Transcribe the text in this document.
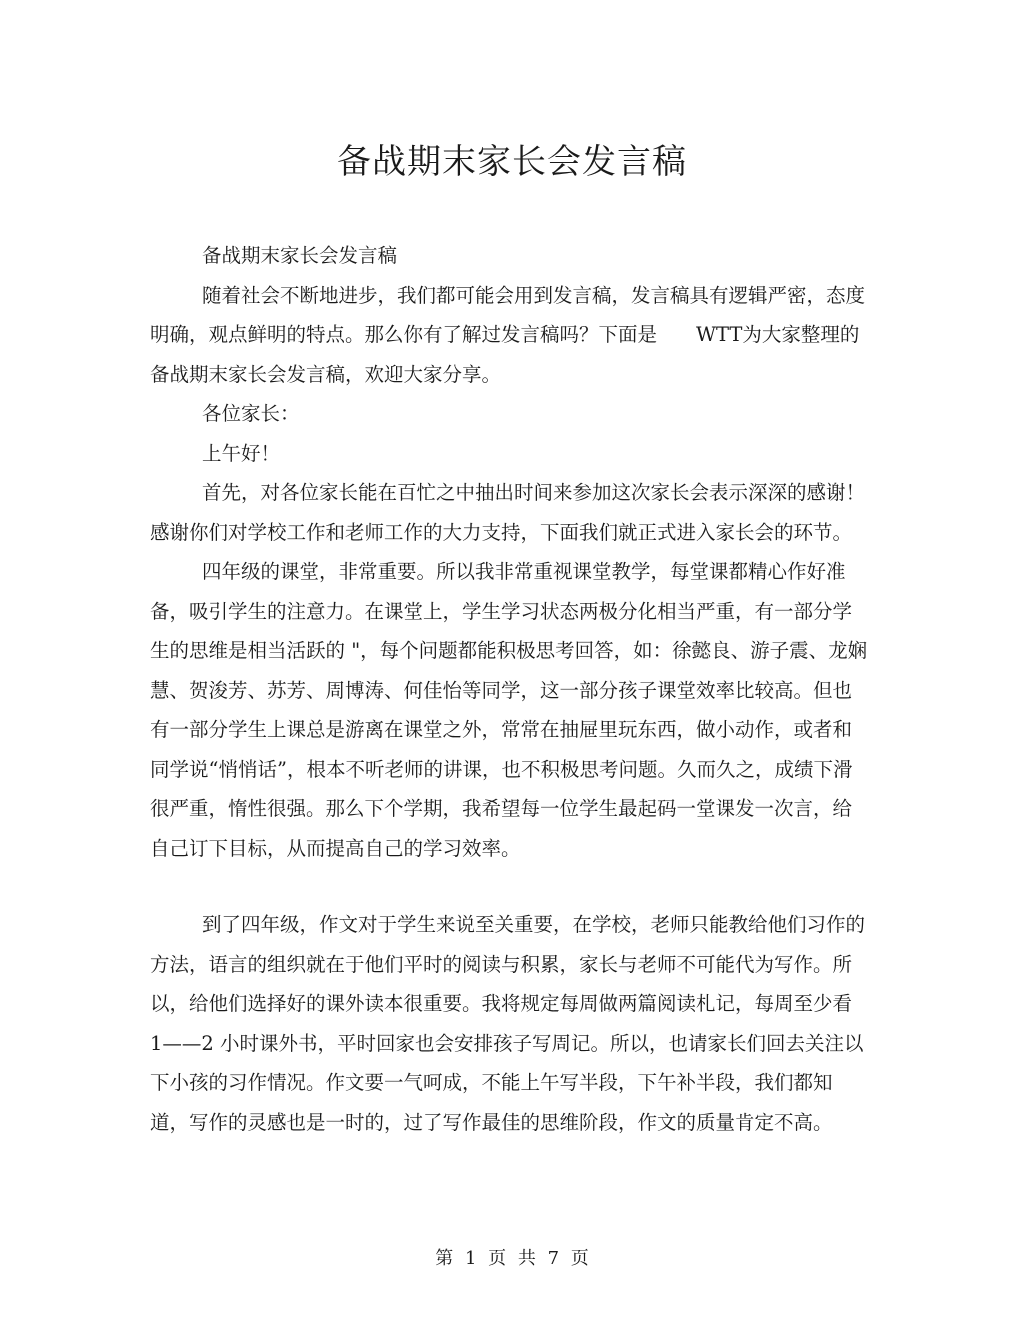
备战期末家长会发言稿

备战期末家长会发言稿

随着社会不断地进步，我们都可能会用到发言稿，发言稿具有逻辑严密，态度明确，观点鲜明的特点。那么你有了解过发言稿吗？下面是　　WTT为大家整理的备战期末家长会发言稿，欢迎大家分享。

各位家长：

上午好！

首先，对各位家长能在百忙之中抽出时间来参加这次家长会表示深深的感谢！感谢你们对学校工作和老师工作的大力支持，下面我们就正式进入家长会的环节。

四年级的课堂，非常重要。所以我非常重视课堂教学，每堂课都精心作好准备，吸引学生的注意力。在课堂上，学生学习状态两极分化相当严重，有一部分学生的思维是相当活跃的 "，每个问题都能积极思考回答，如：徐懿良、游子震、龙娴慧、贺浚芳、苏芳、周博涛、何佳怡等同学，这一部分孩子课堂效率比较高。但也有一部分学生上课总是游离在课堂之外，常常在抽屉里玩东西，做小动作，或者和同学说“悄悄话”，根本不听老师的讲课，也不积极思考问题。久而久之，成绩下滑很严重，惰性很强。那么下个学期，我希望每一位学生最起码一堂课发一次言，给自己订下目标，从而提高自己的学习效率。

到了四年级，作文对于学生来说至关重要，在学校，老师只能教给他们习作的方法，语言的组织就在于他们平时的阅读与积累，家长与老师不可能代为写作。所以，给他们选择好的课外读本很重要。我将规定每周做两篇阅读札记，每周至少看 1——2 小时课外书，平时回家也会安排孩子写周记。所以，也请家长们回去关注以下小孩的习作情况。作文要一气呵成，不能上午写半段，下午补半段，我们都知道，写作的灵感也是一时的，过了写作最佳的思维阶段，作文的质量肯定不高。

第 1 页 共 7 页
